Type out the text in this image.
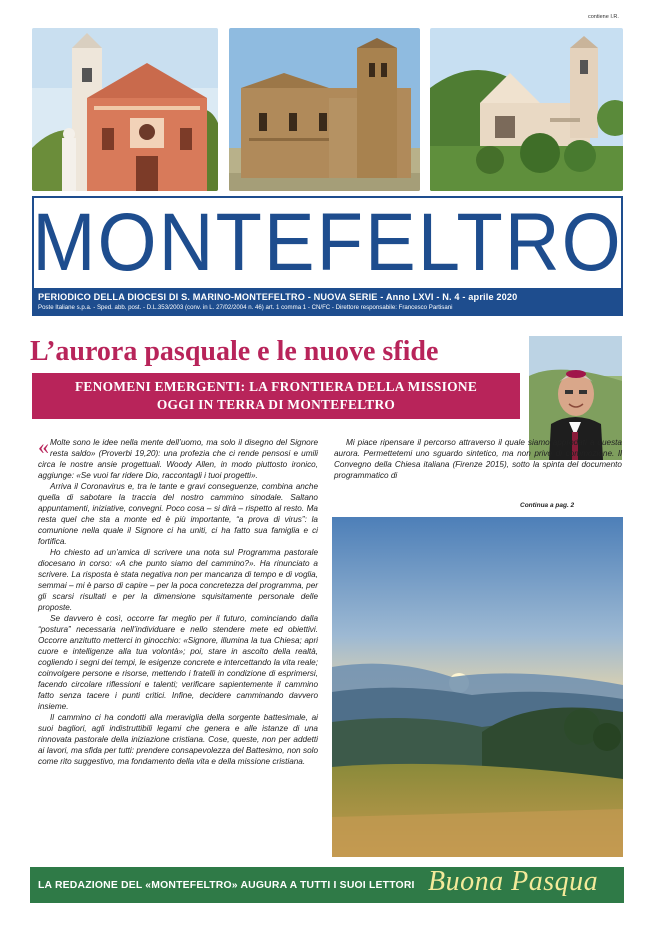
contiene I.R.
MONTEFELTRO
PERIODICO DELLA DIOCESI DI S. MARINO-MONTEFELTRO - NUOVA SERIE - Anno LXVI - N. 4 - aprile 2020
Poste Italiane s.p.a. - Sped. abb. post. - D.L.353/2003 (conv. in L. 27/02/2004 n. 46) art. 1 comma 1 - CN/FC - Direttore responsabile: Francesco Partisani
L’aurora pasquale e le nuove sfide
FENOMENI EMERGENTI: LA FRONTIERA DELLA MISSIONE
OGGI IN TERRA DI MONTEFELTRO

« Molte sono le idee nella mente dell’uomo, ma solo il disegno del Signore resta saldo» (Proverbi 19,20): una profezia che ci rende pensosi e umili circa le nostre ansie progettuali. Woody Allen, in modo piuttosto ironico, aggiunge: «Se vuoi far ridere Dio, raccontagli i tuoi progetti».

Arriva il Coronavirus e, tra le tante e gravi conseguenze, combina anche quella di sabotare la traccia del nostro cammino sinodale. Saltano appuntamenti, iniziative, convegni. Poco cosa – si dirà – rispetto al resto. Ma resta quel che sta a monte ed è più importante, “a prova di virus”: la comunione nella quale il Signore ci ha uniti, ci ha fatto sua famiglia e ci fortifica.

Ho chiesto ad un’amica di scrivere una nota sul Programma pastorale diocesano in corso: «A che punto siamo del cammino?». Ha rinunciato a scrivere. La risposta è stata negativa non per mancanza di tempo e di voglia, semmai – mi è parso di capire – per la poca concretezza del programma, per gli scarsi risultati e per la dimensione squisitamente personale delle proposte.

Se davvero è così, occorre far meglio per il futuro, cominciando dalla “postura” necessaria nell’individuare e nello stendere mete ed obiettivi. Occorre anzitutto metterci in ginocchio: «Signore, illumina la tua Chiesa; apri cuore e intelligenze alla tua volontà»; poi, stare in ascolto della realtà, cogliendo i segni dei tempi, le esigenze concrete e intercettando la vita reale; coinvolgere persone e risorse, mettendo i fratelli in condizione di esprimersi, facendo circolare riflessioni e talenti; verificare sapientemente il cammino fatto senza tacere i punti critici. Infine, decidere camminando davvero insieme.

Il cammino ci ha condotti alla meraviglia della sorgente battesimale, ai suoi bagliori, agli indistruttibili legami che genera e alle istanze di una rinnovata pastorale della iniziazione cristiana. Cose, queste, non per addetti ai lavori, ma sfida per tutti: prendere consapevolezza del Battesimo, non solo come rito suggestivo, ma fondamento della vita e della missione cristiana.

Mi piace ripensare il percorso attraverso il quale siamo approdati a questa aurora. Permettetemi uno sguardo sintetico, ma non privo di commozione. Il Convegno della Chiesa italiana (Firenze 2015), sotto la spinta del documento programmatico di

Continua a pag. 2
LA REDAZIONE DEL «MONTEFELTRO» AUGURA A TUTTI I SUOI LETTORI Buona Pasqua
